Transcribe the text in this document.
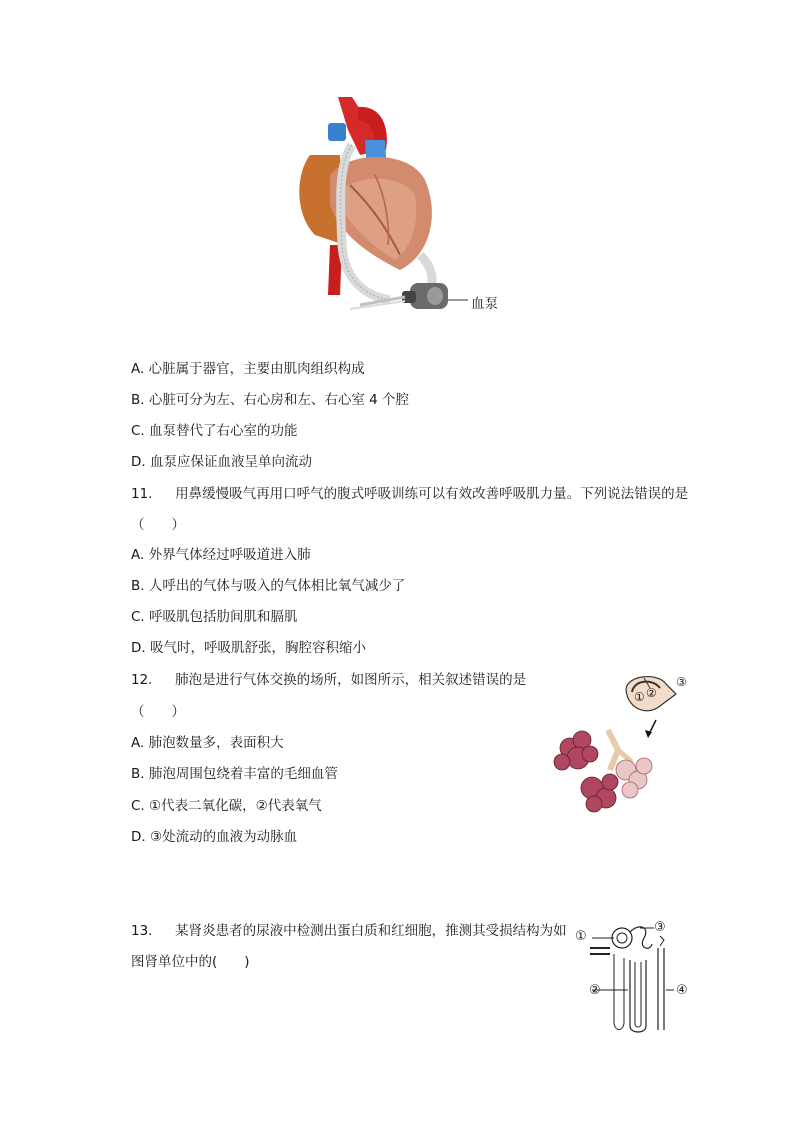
血泵
A. 心脏属于器官，主要由肌肉组织构成
B. 心脏可分为左、右心房和左、右心室 4 个腔
C. 血泵替代了右心室的功能
D. 血泵应保证血液呈单向流动
11. 用鼻缓慢吸气再用口呼气的腹式呼吸训练可以有效改善呼吸肌力量。下列说法错误的是
（　　）
A. 外界气体经过呼吸道进入肺
B. 人呼出的气体与吸入的气体相比氧气减少了
C. 呼吸肌包括肋间肌和膈肌
D. 吸气时，呼吸肌舒张，胸腔容积缩小
12. 肺泡是进行气体交换的场所，如图所示，相关叙述错误的是
（　　）
A. 肺泡数量多，表面积大
B. 肺泡周围包绕着丰富的毛细血管
C. ①代表二氧化碳，②代表氧气
D. ③处流动的血液为动脉血
① ②
③
13. 某肾炎患者的尿液中检测出蛋白质和红细胞，推测其受损结构为如
图肾单位中的(　　)
①
②
③
④
